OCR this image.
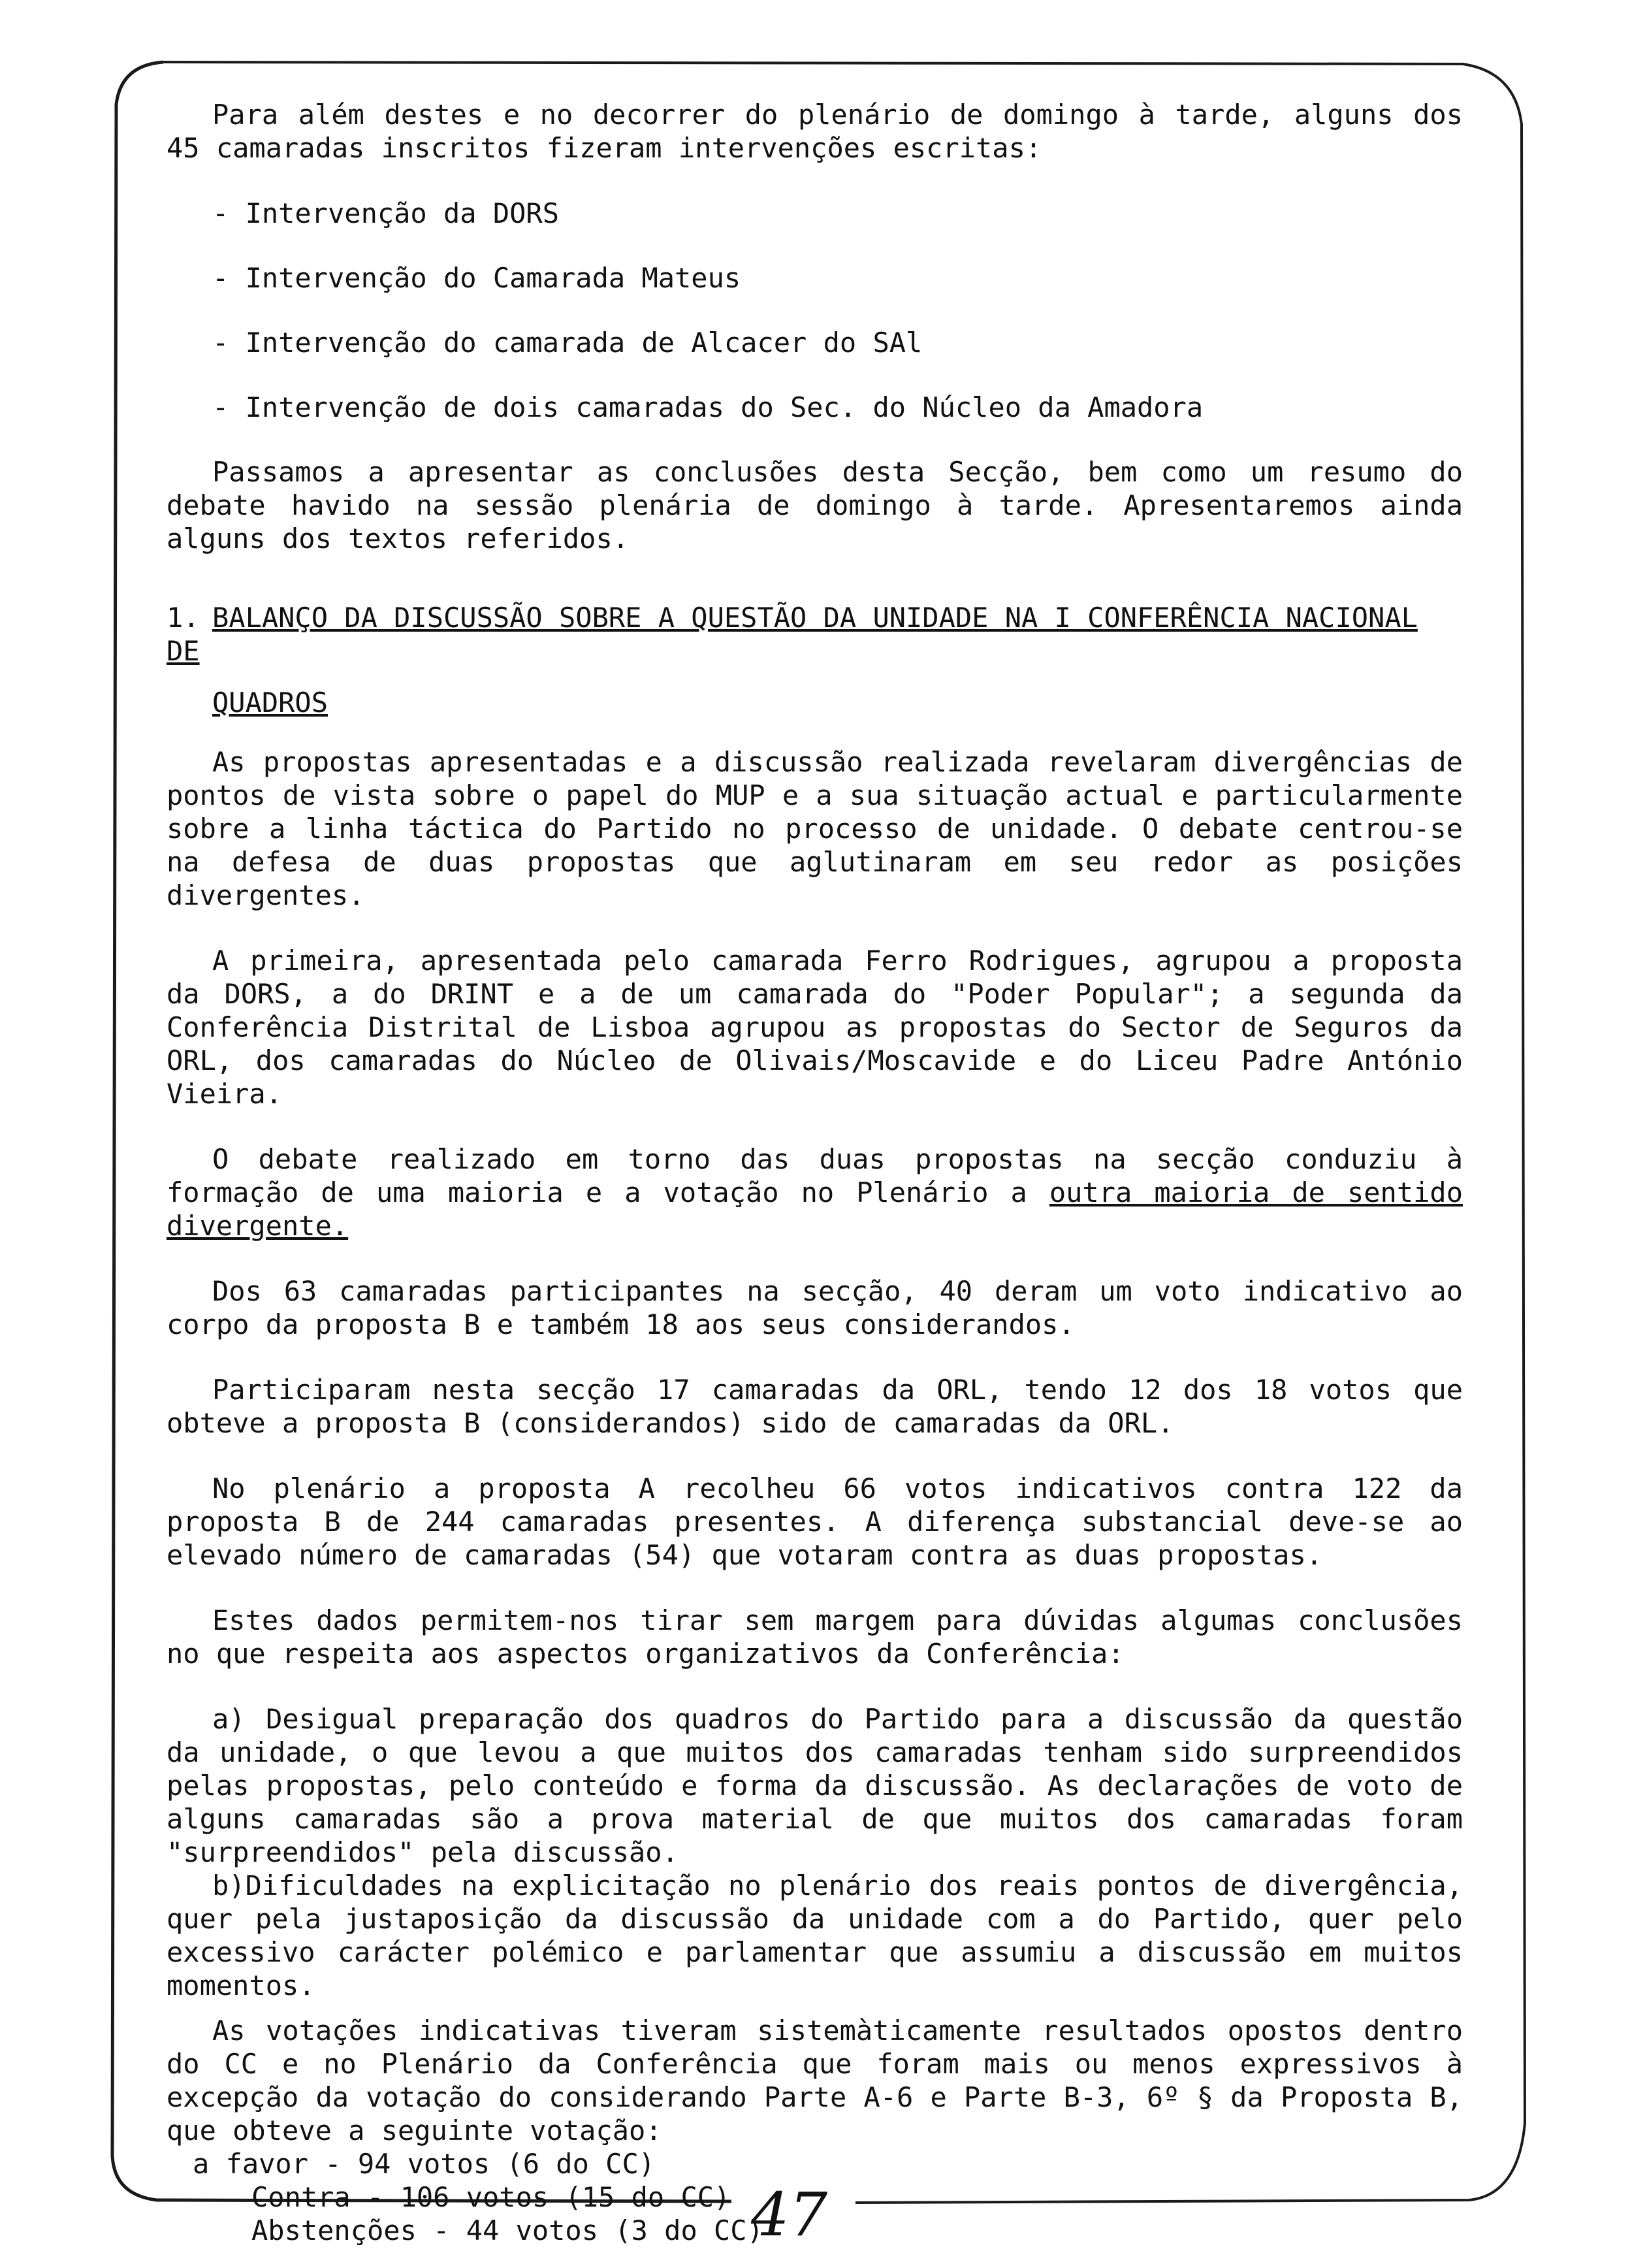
Para além destes e no decorrer do plenário de domingo à tarde, alguns dos 45 camaradas inscritos fizeram intervenções escritas:

- Intervenção da DORS
- Intervenção do Camarada Mateus
- Intervenção do camarada de Alcacer do SAl
- Intervenção de dois camaradas do Sec. do Núcleo da Amadora

Passamos a apresentar as conclusões desta Secção, bem como um resumo do debate havido na sessão plenária de domingo à tarde. Apresentaremos ainda alguns dos textos referidos.

1. BALANÇO DA DISCUSSÃO SOBRE A QUESTÃO DA UNIDADE NA I CONFERÊNCIA NACIONAL DE
QUADROS

As propostas apresentadas e a discussão realizada revelaram divergências de pontos de vista sobre o papel do MUP e a sua situação actual e particularmente sobre a linha táctica do Partido no processo de unidade. O debate centrou-se na defesa de duas propostas que aglutinaram em seu redor as posições divergentes.

A primeira, apresentada pelo camarada Ferro Rodrigues, agrupou a proposta da DORS, a do DRINT e a de um camarada do "Poder Popular"; a segunda da Conferência Distrital de Lisboa agrupou as propostas do Sector de Seguros da ORL, dos camaradas do Núcleo de Olivais/Moscavide e do Liceu Padre António Vieira.

O debate realizado em torno das duas propostas na secção conduziu à formação de uma maioria e a votação no Plenário a outra maioria de sentido divergente.

Dos 63 camaradas participantes na secção, 40 deram um voto indicativo ao corpo da proposta B e também 18 aos seus considerandos.

Participaram nesta secção 17 camaradas da ORL, tendo 12 dos 18 votos que obteve a proposta B (considerandos) sido de camaradas da ORL.

No plenário a proposta A recolheu 66 votos indicativos contra 122 da proposta B de 244 camaradas presentes. A diferença substancial deve-se ao elevado número de camaradas (54) que votaram contra as duas propostas.

Estes dados permitem-nos tirar sem margem para dúvidas algumas conclusões no que respeita aos aspectos organizativos da Conferência:

a) Desigual preparação dos quadros do Partido para a discussão da questão da unidade, o que levou a que muitos dos camaradas tenham sido surpreendidos pelas propostas, pelo conteúdo e forma da discussão. As declarações de voto de alguns camaradas são a prova material de que muitos dos camaradas foram "surpreendidos" pela discussão.

b)Dificuldades na explicitação no plenário dos reais pontos de divergência, quer pela justaposição da discussão da unidade com a do Partido, quer pelo excessivo carácter polémico e parlamentar que assumiu a discussão em muitos momentos.

As votações indicativas tiveram sistemàticamente resultados opostos dentro do CC e no Plenário da Conferência que foram mais ou menos expressivos à excepção da votação do considerando Parte A-6 e Parte B-3, 6º § da Proposta B, que obteve a seguinte votação:

a favor - 94 votos (6 do CC)
Contra - 106 votos (15 do CC)
Abstenções - 44 votos (3 do CC)
47
